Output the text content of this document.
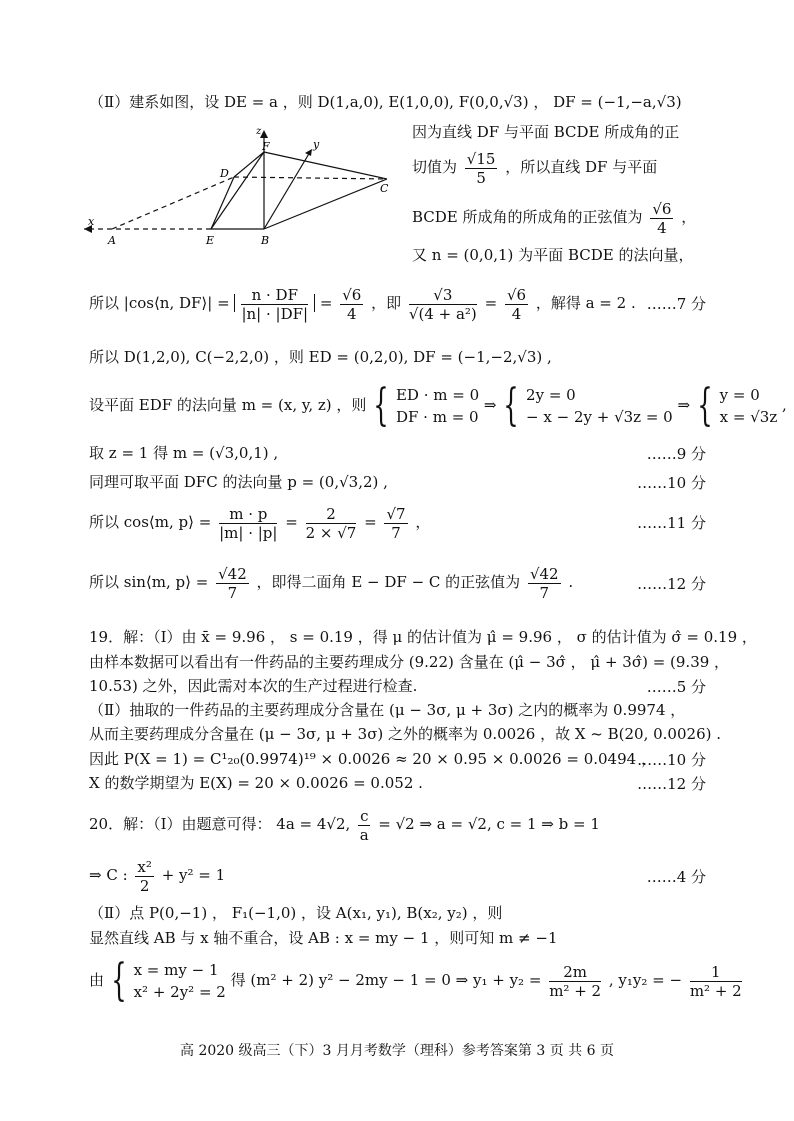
（Ⅱ）建系如图，设 DE = a ，则 D(1,a,0), E(1,0,0), F(0,0,√3) ， DF = (−1,−a,√3)
z
y
x
F
D
C
A	E	B
因为直线 DF 与平面 BCDE 所成角的正
切值为 $\frac{√15}{5}$ ，所以直线 DF 与平面
BCDE 所成角的所成角的正弦值为 $\frac{√6}{4}$ ，
又 n = (0,0,1) 为平面 BCDE 的法向量，
所以 |cos⟨n, DF⟩| = $\frac{n \cdot DF}{|n| \cdot |DF|} = \frac{√6}{4}$ ，即 $\frac{√3}{\text{√(4 + a²)}} = \frac{√6}{4}$ ，解得 a = 2 . ……7 分
所以 D(1,2,0), C(−2,2,0) ，则 ED = (0,2,0), DF = (−1,−2,√3) ,
设平面 EDF 的法向量 m = (x, y, z) ，则 { ED · m = 0
DF · m = 0
⇒ { 2y = 0
− x − 2y + √3z = 0
⇒ { y = 0
x = √3z
,
取 z = 1 得 m = (√3,0,1) ,	……9 分
同理可取平面 DFC 的法向量 p = (0,√3,2) ,	……10 分
所以 cos⟨m, p⟩ = $\frac{m \cdot p}{|m| \cdot |p|} = \frac{2}{2 \times √7} = \frac{√7}{7}$ ，	……11 分
所以 sin⟨m, p⟩ = $\frac{√42}{7}$ ，即得二面角 E − DF − C 的正弦值为 $\frac{√42}{7}$ .	……12 分
19．解：（Ⅰ）由 x̄ = 9.96 ， s = 0.19 ，得 μ 的估计值为 μ̂ = 9.96 ， σ 的估计值为 σ̂ = 0.19 ，
由样本数据可以看出有一件药品的主要药理成分 (9.22) 含量在 (μ̂ − 3σ̂ ， μ̂ + 3σ̂) = (9.39 ，
10.53) 之外，因此需对本次的生产过程进行检查.	……5 分
（Ⅱ）抽取的一件药品的主要药理成分含量在 (μ − 3σ, μ + 3σ) 之内的概率为 0.9974 ，
从而主要药理成分含量在 (μ − 3σ, μ + 3σ) 之外的概率为 0.0026 ，故 X ~ B(20, 0.0026) .
因此 P(X = 1) = C¹₂₀(0.9974)¹⁹ × 0.0026 ≈ 20 × 0.95 × 0.0026 = 0.0494 ，
……10 分
X 的数学期望为 E(X) = 20 × 0.0026 = 0.052 .	……12 分
20．解：（Ⅰ）由题意可得： 4a = 4√2, $\frac{c}{a} = √2$ ⇒ a = √2, c = 1 ⇒ b = 1
⇒ C : $\frac{\text{x²}}{2} + y^2 = 1$	……4 分
（Ⅱ）点 P(0,−1) ， F₁(−1,0) ，设 A(x₁, y₁), B(x₂, y₂) ，则
显然直线 AB 与 x 轴不重合，设 AB : x = my − 1 ，则可知 m ≠ −1
由 { x = my − 1
x² + 2y² = 2
得 (m² + 2) y² − 2my − 1 = 0 ⇒ $y_1 + y_2 = \frac{2m}{\text{m² + 2}}$ , y₁y₂ = − $\frac{1}{\text{m² + 2}}$
高 2020 级高三（下）3 月月考数学（理科）参考答案第 3 页 共 6 页
